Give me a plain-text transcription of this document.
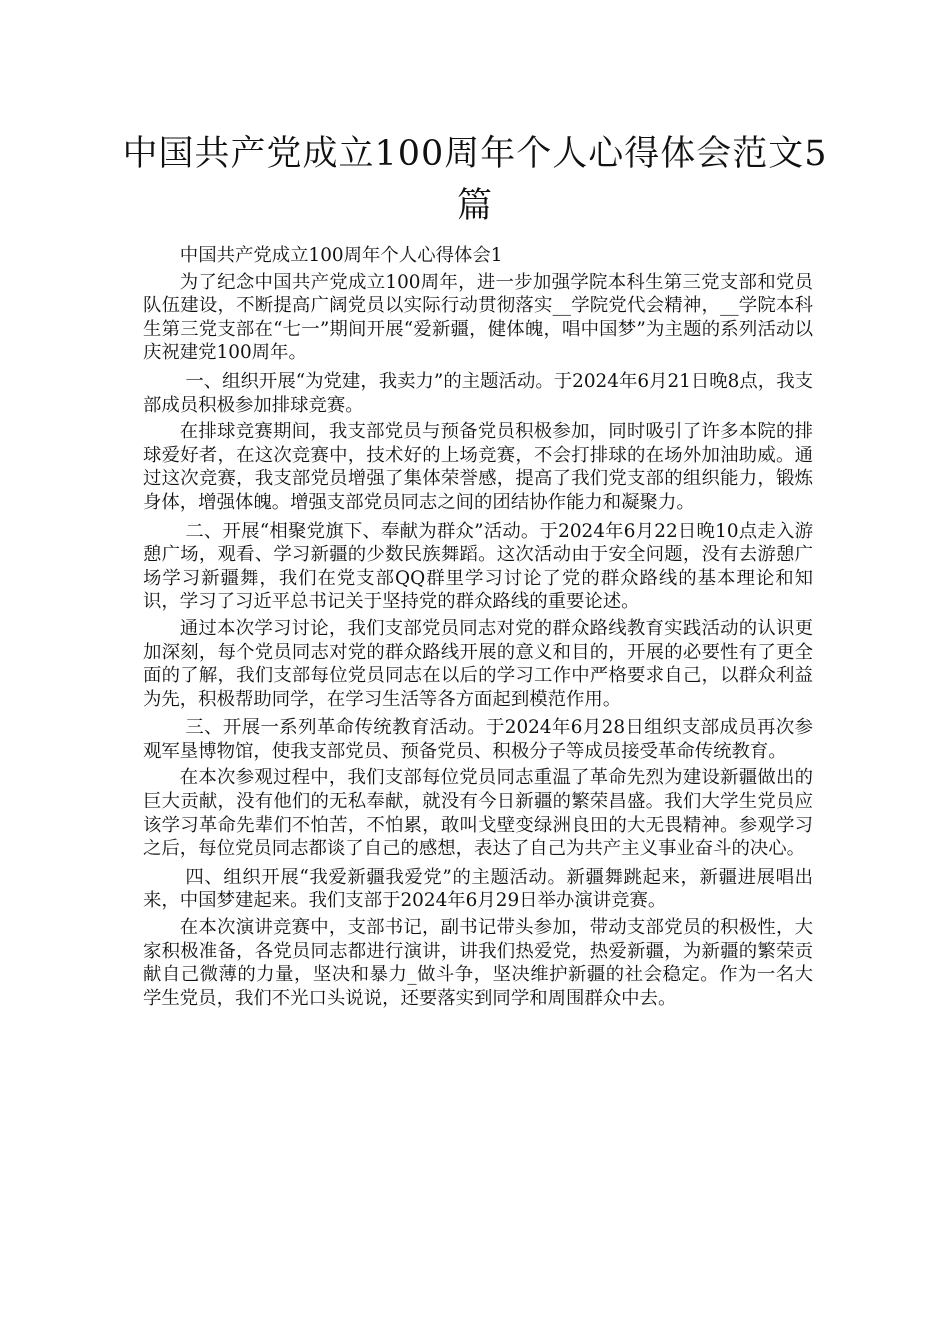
中国共产党成立100周年个人心得体会范文5篇

中国共产党成立100周年个人心得体会1

为了纪念中国共产党成立100周年，进一步加强学院本科生第三党支部和党员队伍建设，不断提高广阔党员以实际行动贯彻落实__学院党代会精神，__学院本科生第三党支部在“七一”期间开展“爱新疆，健体魄，唱中国梦”为主题的系列活动以庆祝建党100周年。

一、组织开展“为党建，我卖力”的主题活动。于2024年6月21日晚8点，我支部成员积极参加排球竞赛。

在排球竞赛期间，我支部党员与预备党员积极参加，同时吸引了许多本院的排球爱好者，在这次竞赛中，技术好的上场竞赛，不会打排球的在场外加油助威。通过这次竞赛，我支部党员增强了集体荣誉感，提高了我们党支部的组织能力，锻炼身体，增强体魄。增强支部党员同志之间的团结协作能力和凝聚力。

二、开展“相聚党旗下、奉献为群众”活动。于2024年6月22日晚10点走入游憩广场，观看、学习新疆的少数民族舞蹈。这次活动由于安全问题，没有去游憩广场学习新疆舞，我们在党支部QQ群里学习讨论了党的群众路线的基本理论和知识，学习了习近平总书记关于坚持党的群众路线的重要论述。

通过本次学习讨论，我们支部党员同志对党的群众路线教育实践活动的认识更加深刻，每个党员同志对党的群众路线开展的意义和目的，开展的必要性有了更全面的了解，我们支部每位党员同志在以后的学习工作中严格要求自己，以群众利益为先，积极帮助同学，在学习生活等各方面起到模范作用。

三、开展一系列革命传统教育活动。于2024年6月28日组织支部成员再次参观军垦博物馆，使我支部党员、预备党员、积极分子等成员接受革命传统教育。

在本次参观过程中，我们支部每位党员同志重温了革命先烈为建设新疆做出的巨大贡献，没有他们的无私奉献，就没有今日新疆的繁荣昌盛。我们大学生党员应该学习革命先辈们不怕苦，不怕累，敢叫戈壁变绿洲良田的大无畏精神。参观学习之后，每位党员同志都谈了自己的感想，表达了自己为共产主义事业奋斗的决心。

四、组织开展“我爱新疆我爱党”的主题活动。新疆舞跳起来，新疆进展唱出来，中国梦建起来。我们支部于2024年6月29日举办演讲竞赛。

在本次演讲竞赛中，支部书记，副书记带头参加，带动支部党员的积极性，大家积极准备，各党员同志都进行演讲，讲我们热爱党，热爱新疆，为新疆的繁荣贡献自己微薄的力量，坚决和暴力_做斗争，坚决维护新疆的社会稳定。作为一名大学生党员，我们不光口头说说，还要落实到同学和周围群众中去。
